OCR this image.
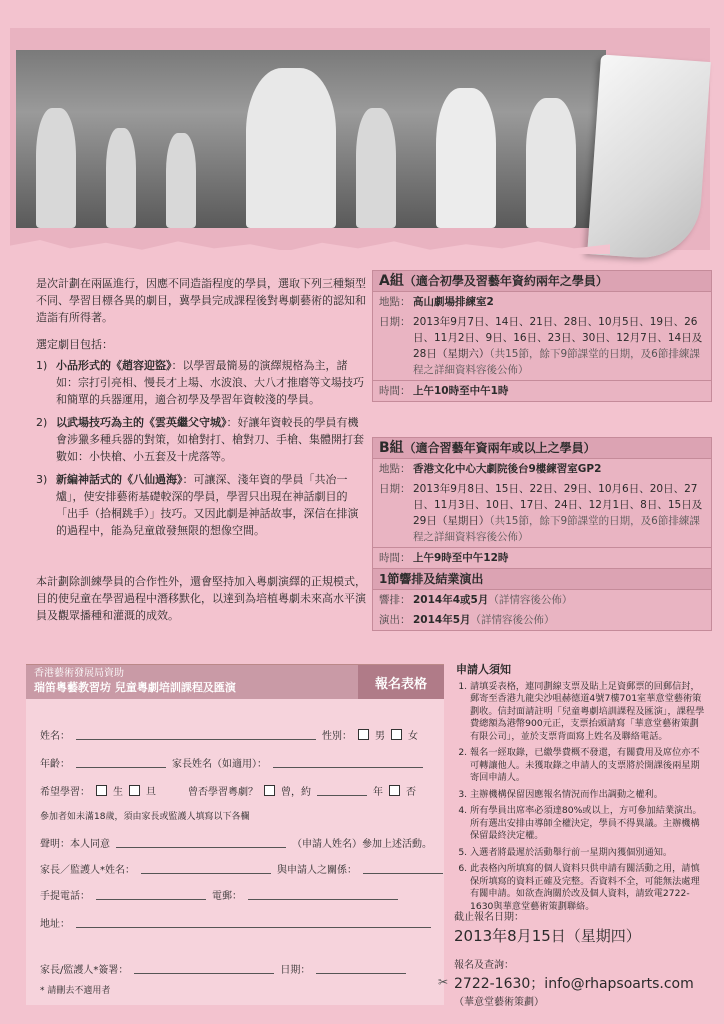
是次計劃在兩區進行，因應不同造詣程度的學員，選取下列三種類型不同、學習目標各異的劇目，冀學員完成課程後對粵劇藝術的認知和造詣有所得著。

選定劇目包括：

1) 小品形式的《趙容迎盜》：以學習最簡易的演繹規格為主，諸如：宗打引亮相、慢長才上場、水波浪、大八才推磨等文場技巧和簡單的兵器運用，適合初學及學習年資較淺的學員。
2) 以武場技巧為主的《雲英繼父守城》：好讓年資較長的學員有機會涉獵多種兵器的對策，如槍對打、槍對刀、手槍、集體開打套數如：小快槍、小五套及十虎落等。
3) 新編神話式的《八仙過海》：可讓深、淺年資的學員「共冶一爐」，使安排藝術基礎較深的學員，學習只出現在神話劇目的「出手（拾桐跳手）」技巧。又因此劇是神話故事，深信在排演的過程中，能為兒童啟發無限的想像空間。
本計劃除訓練學員的合作性外，還會堅持加入粵劇演繹的正規模式，目的使兒童在學習過程中潛移默化，以達到為培植粵劇未來高水平演員及觀眾播種和灌溉的成效。
A組（適合初學及習藝年資約兩年之學員）
地點： 高山劇場排練室2
日期： 2013年9月7日、14日、21日、28日、10月5日、19日、26日、11月2日、9日、16日、23日、30日、12月7日、14日及28日（星期六）（共15節，餘下9節課堂的日期，及6節排練課程之詳細資料容後公佈）
時間： 上午10時至中午1時
B組（適合習藝年資兩年或以上之學員）
地點： 香港文化中心大劇院後台9樓練習室GP2
日期： 2013年9月8日、15日、22日、29日、10月6日、20日、27日、11月3日、10日、17日、24日、12月1日、8日、15日及29日（星期日）（共15節，餘下9節課堂的日期，及6節排練課程之詳細資料容後公佈）
時間： 上午9時至中午12時
1節響排及結業演出
響排： 2014年4或5月（詳情容後公佈）
演出： 2014年5月（詳情容後公佈）
香港藝術發展局資助
瑞笛粵藝教習坊 兒童粵劇培訓課程及匯演	報名表格
姓名：	性別： 男 女
年齡：	家長姓名（如適用）：
希望學習： 生 旦	曾否學習粵劇？ 曾，約	年 否
參加者如未滿18歲，須由家長或監護人填寫以下各欄
聲明：本人同意	（申請人姓名）參加上述活動。
家長／監護人*姓名：	與申請人之關係：
手提電話：	電郵：
地址：
家長/監護人*簽署：	日期：
* 請刪去不適用者
✂
申請人須知
1. 請填妥表格，連同劃線支票及貼上足資郵票的回郵信封，郵寄至香港九龍尖沙咀赫德道4號7樓701室華意堂藝術策劃收。信封面請註明「兒童粵劇培訓課程及匯演」，課程學費總額為港幣900元正，支票抬頭請寫「華意堂藝術策劃有限公司」，並於支票背面寫上姓名及聯絡電話。
2. 報名一經取錄，已繳學費概不發還，有關費用及席位亦不可轉讓他人。未獲取錄之申請人的支票將於開課後兩星期寄回申請人。
3. 主辦機構保留因應報名情況而作出調動之權利。
4. 所有學員出席率必須達80%或以上，方可參加結業演出。所有選出安排由導師全權決定，學員不得異議。主辦機構保留最終決定權。
5. 入選者將最遲於活動舉行前一星期內獲個別通知。
6. 此表格內所填寫的個人資料只供申請有關活動之用，請慎保所填寫的資料正確及完整。否資料不全，可能無法處理有關申請。如欲查詢關於改及個人資料，請致電2722-1630與華意堂藝術策劃聯絡。
截止報名日期：
2013年8月15日（星期四）
報名及查詢：
2722-1630；info@rhapsoarts.com
（華意堂藝術策劃）
